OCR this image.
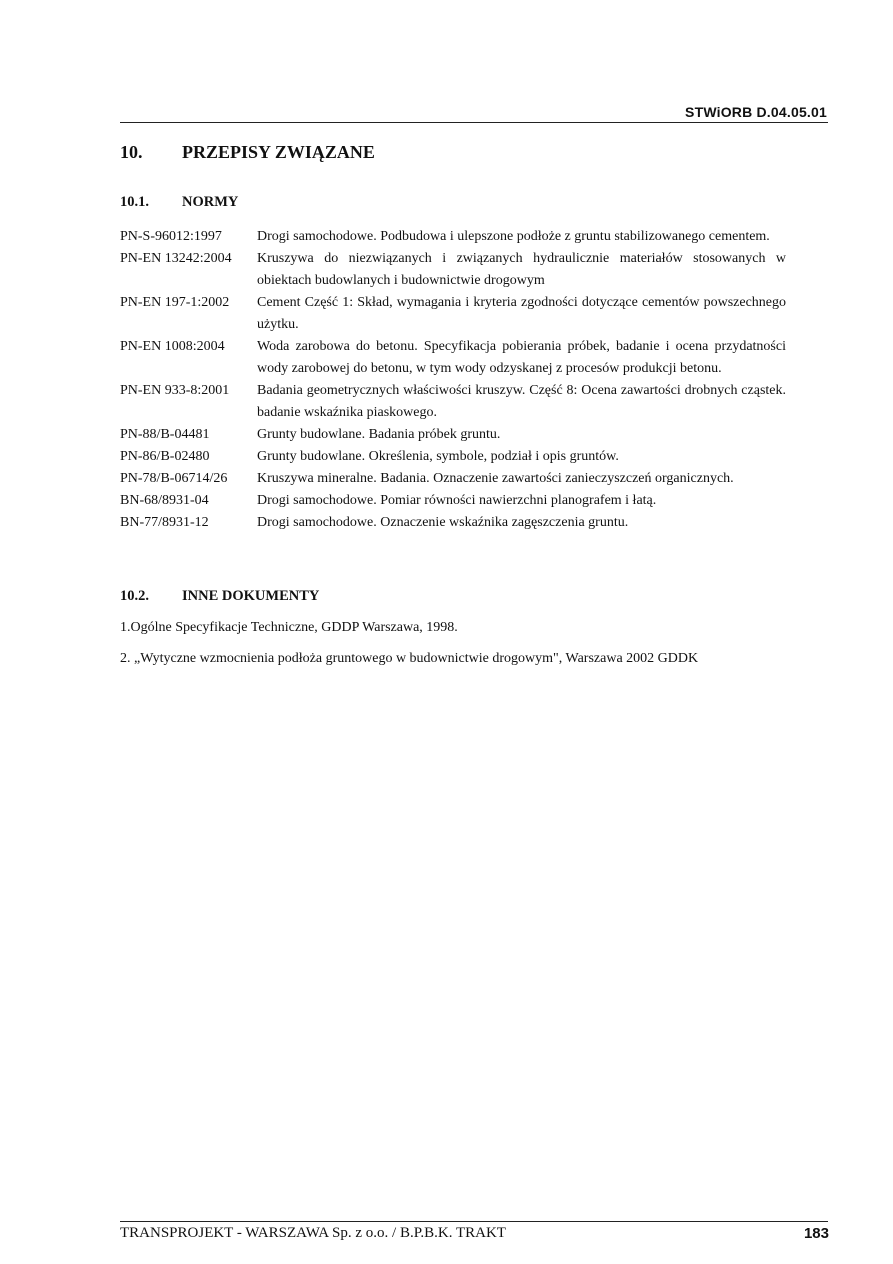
STWiORB D.04.05.01
10. PRZEPISY ZWIĄZANE
10.1. NORMY
PN-S-96012:1997	Drogi samochodowe. Podbudowa i ulepszone podłoże z gruntu stabilizowanego cementem.
PN-EN 13242:2004	Kruszywa do niezwiązanych i związanych hydraulicznie materiałów stosowanych w obiektach budowlanych i budownictwie drogowym
PN-EN 197-1:2002	Cement Część 1: Skład, wymagania i kryteria zgodności dotyczące cementów powszechnego użytku.
PN-EN 1008:2004	Woda zarobowa do betonu. Specyfikacja pobierania próbek, badanie i ocena przydatności wody zarobowej do betonu, w tym wody odzyskanej z procesów produkcji betonu.
PN-EN 933-8:2001	Badania geometrycznych właściwości kruszyw. Część 8: Ocena zawartości drobnych cząstek. badanie wskaźnika piaskowego.
PN-88/B-04481	Grunty budowlane. Badania próbek gruntu.
PN-86/B-02480	Grunty budowlane. Określenia, symbole, podział i opis gruntów.
PN-78/B-06714/26	Kruszywa mineralne. Badania. Oznaczenie zawartości zanieczyszczeń organicznych.
BN-68/8931-04	Drogi samochodowe. Pomiar równości nawierzchni planografem i łatą.
BN-77/8931-12	Drogi samochodowe. Oznaczenie wskaźnika zagęszczenia gruntu.
10.2. INNE DOKUMENTY
1.Ogólne Specyfikacje Techniczne, GDDP Warszawa, 1998.
2. „Wytyczne wzmocnienia podłoża gruntowego w budownictwie drogowym", Warszawa 2002 GDDK
TRANSPROJEKT - WARSZAWA Sp. z o.o. / B.P.B.K. TRAKT	183
